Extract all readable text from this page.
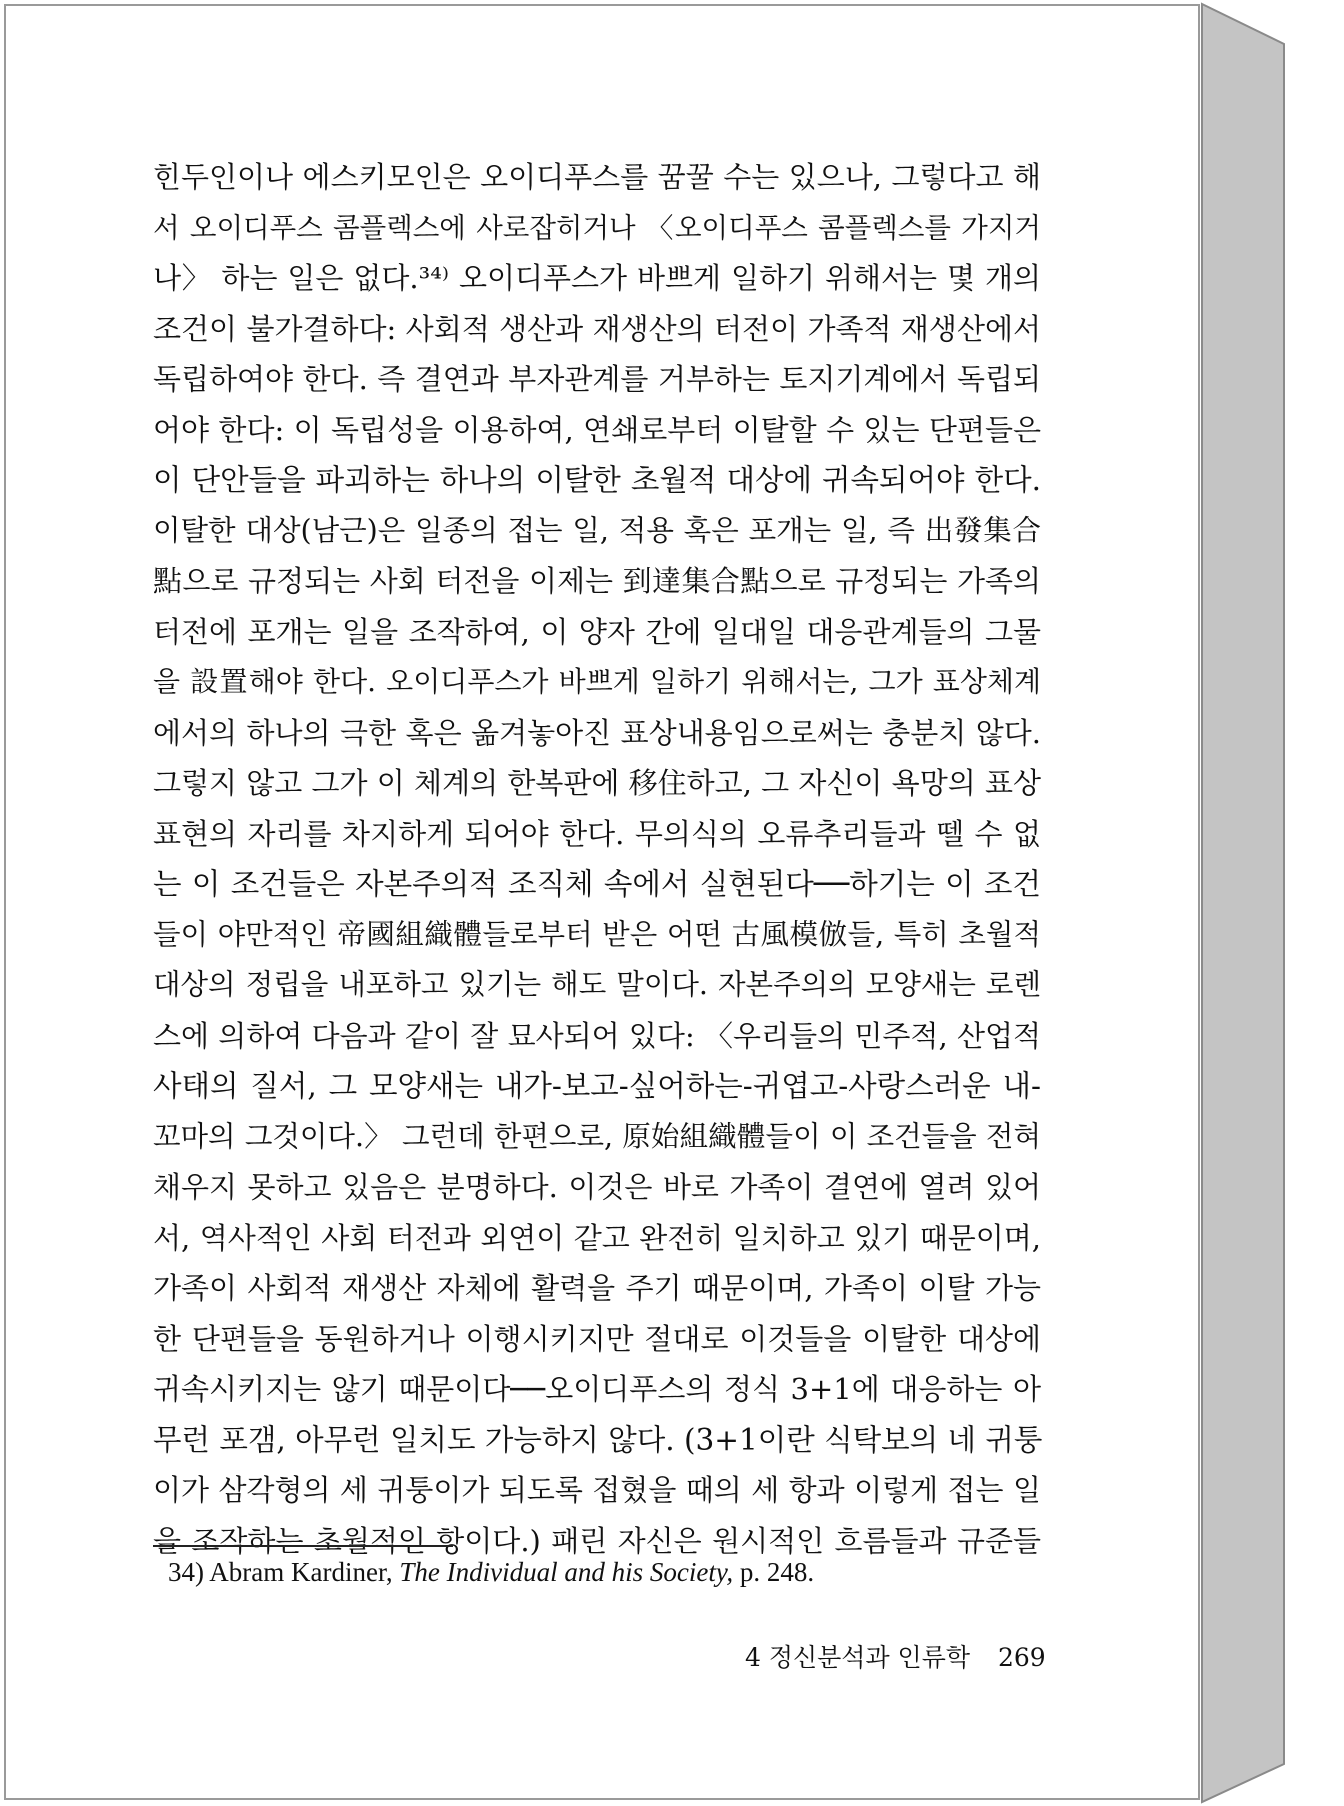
힌두인이나 에스키모인은 오이디푸스를 꿈꿀 수는 있으나, 그렇다고 해
서 오이디푸스 콤플렉스에 사로잡히거나 〈오이디푸스 콤플렉스를 가지거
나〉 하는 일은 없다.³⁴⁾ 오이디푸스가 바쁘게 일하기 위해서는 몇 개의
조건이 불가결하다: 사회적 생산과 재생산의 터전이 가족적 재생산에서
독립하여야 한다. 즉 결연과 부자관계를 거부하는 토지기계에서 독립되
어야 한다: 이 독립성을 이용하여, 연쇄로부터 이탈할 수 있는 단편들은
이 단안들을 파괴하는 하나의 이탈한 초월적 대상에 귀속되어야 한다.
이탈한 대상(남근)은 일종의 접는 일, 적용 혹은 포개는 일, 즉 出發集合
點으로 규정되는 사회 터전을 이제는 到達集合點으로 규정되는 가족의
터전에 포개는 일을 조작하여, 이 양자 간에 일대일 대응관계들의 그물
을 設置해야 한다. 오이디푸스가 바쁘게 일하기 위해서는, 그가 표상체계
에서의 하나의 극한 혹은 옮겨놓아진 표상내용임으로써는 충분치 않다.
그렇지 않고 그가 이 체계의 한복판에 移住하고, 그 자신이 욕망의 표상
표현의 자리를 차지하게 되어야 한다. 무의식의 오류추리들과 뗄 수 없
는 이 조건들은 자본주의적 조직체 속에서 실현된다──하기는 이 조건
들이 야만적인 帝國組織體들로부터 받은 어떤 古風模倣들, 특히 초월적
대상의 정립을 내포하고 있기는 해도 말이다. 자본주의의 모양새는 로렌
스에 의하여 다음과 같이 잘 묘사되어 있다: 〈우리들의 민주적, 산업적
사태의 질서, 그 모양새는 내가-보고-싶어하는-귀엽고-사랑스러운 내-
꼬마의 그것이다.〉 그런데 한편으로, 原始組織體들이 이 조건들을 전혀
채우지 못하고 있음은 분명하다. 이것은 바로 가족이 결연에 열려 있어
서, 역사적인 사회 터전과 외연이 같고 완전히 일치하고 있기 때문이며,
가족이 사회적 재생산 자체에 활력을 주기 때문이며, 가족이 이탈 가능
한 단편들을 동원하거나 이행시키지만 절대로 이것들을 이탈한 대상에
귀속시키지는 않기 때문이다──오이디푸스의 정식 3+1에 대응하는 아
무런 포갬, 아무런 일치도 가능하지 않다. (3+1이란 식탁보의 네 귀퉁
이가 삼각형의 세 귀퉁이가 되도록 접혔을 때의 세 항과 이렇게 접는 일
을 조작하는 초월적인 항이다.) 패린 자신은 원시적인 흐름들과 규준들
34) Abram Kardiner, The Individual and his Society, p. 248.
4 정신분석과 인류학 269
